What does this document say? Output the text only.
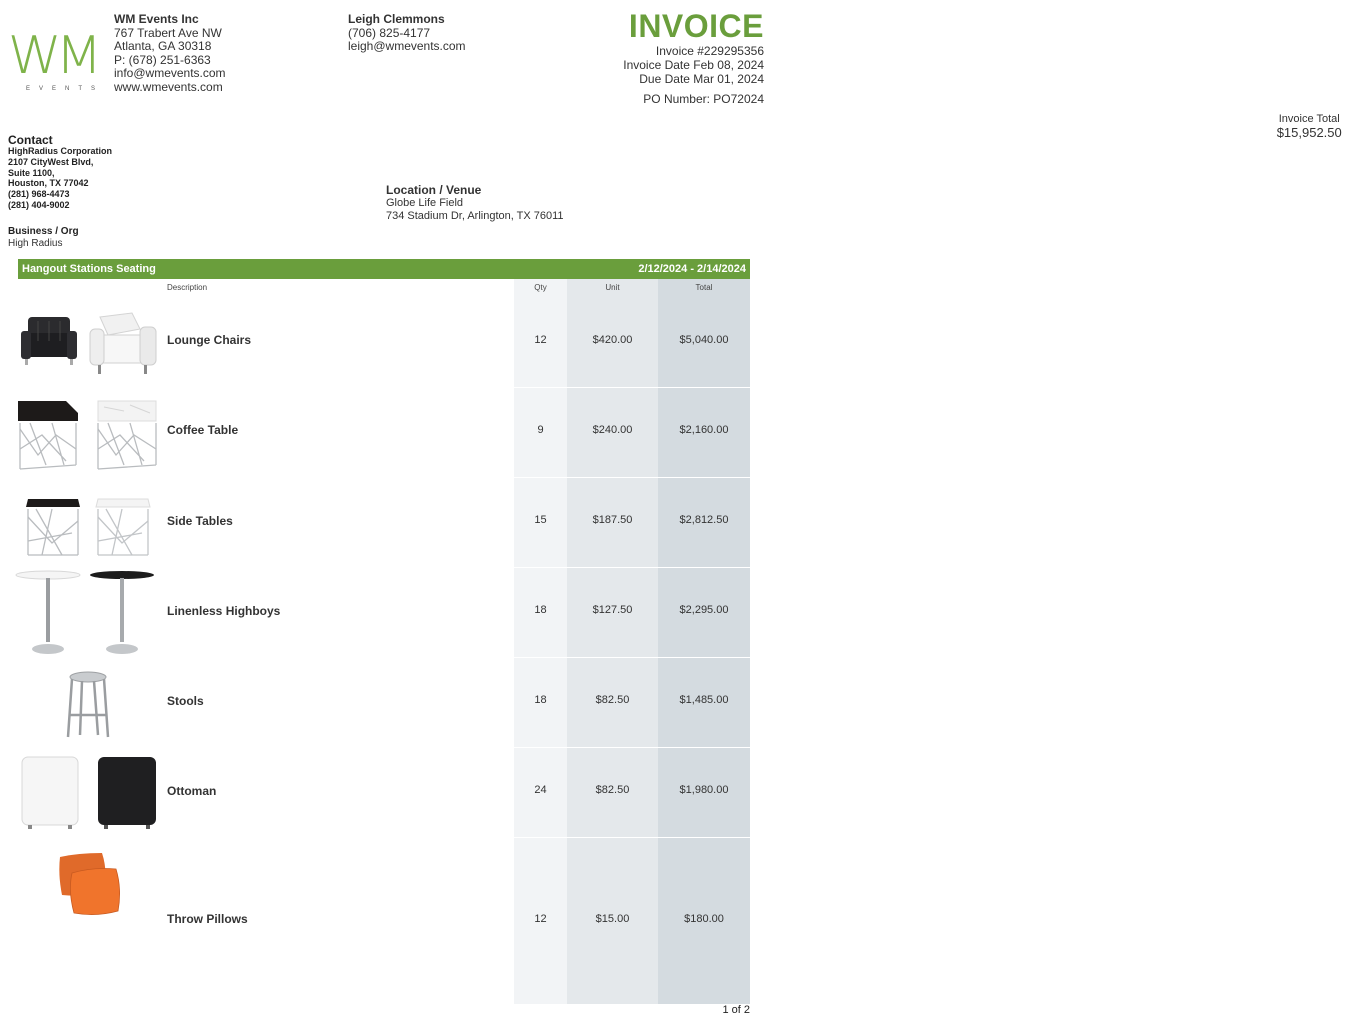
WM
EVENTS
WM Events Inc
767 Trabert Ave NW
Atlanta, GA 30318
P: (678) 251-6363
info@wmevents.com
www.wmevents.com
Leigh Clemmons
(706) 825-4177
leigh@wmevents.com
INVOICE
Invoice #229295356
Invoice Date Feb 08, 2024
Due Date Mar 01, 2024
PO Number: PO72024
Invoice Total $15,952.50
Contact
HighRadius Corporation
2107 CityWest Blvd,
Suite 1100,
Houston, TX 77042
(281) 968-4473
(281) 404-9002
Business / Org
High Radius
Location / Venue
Globe Life Field
734 Stadium Dr, Arlington, TX 76011
Hangout Stations Seating	2/12/2024 - 2/14/2024
Description	Qty	Unit	Total
Lounge Chairs	12	$420.00	$5,040.00
Coffee Table	9	$240.00	$2,160.00
Side Tables	15	$187.50	$2,812.50
Linenless Highboys	18	$127.50	$2,295.00
Stools	18	$82.50	$1,485.00
Ottoman	24	$82.50	$1,980.00
Throw Pillows	12	$15.00	$180.00
1 of 2
